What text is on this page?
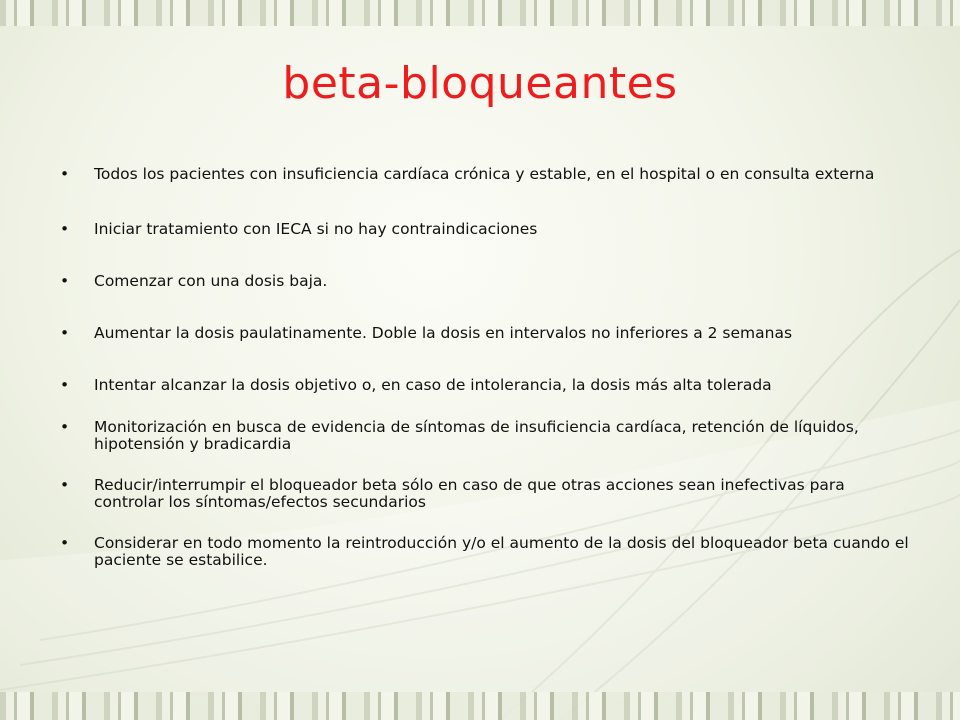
beta-bloqueantes
• Todos los pacientes con insuficiencia cardíaca crónica y estable, en el hospital o en consulta externa
• Iniciar tratamiento con IECA si no hay contraindicaciones
• Comenzar con una dosis baja.
• Aumentar la dosis paulatinamente. Doble la dosis en intervalos no inferiores a 2 semanas
• Intentar alcanzar la dosis objetivo o, en caso de intolerancia, la dosis más alta tolerada
• Monitorización en busca de evidencia de síntomas de insuficiencia cardíaca, retención de líquidos, hipotensión y bradicardia
• Reducir/interrumpir el bloqueador beta sólo en caso de que otras acciones sean inefectivas para controlar los síntomas/efectos secundarios
• Considerar en todo momento la reintroducción y/o el aumento de la dosis del bloqueador beta cuando el paciente se estabilice.
